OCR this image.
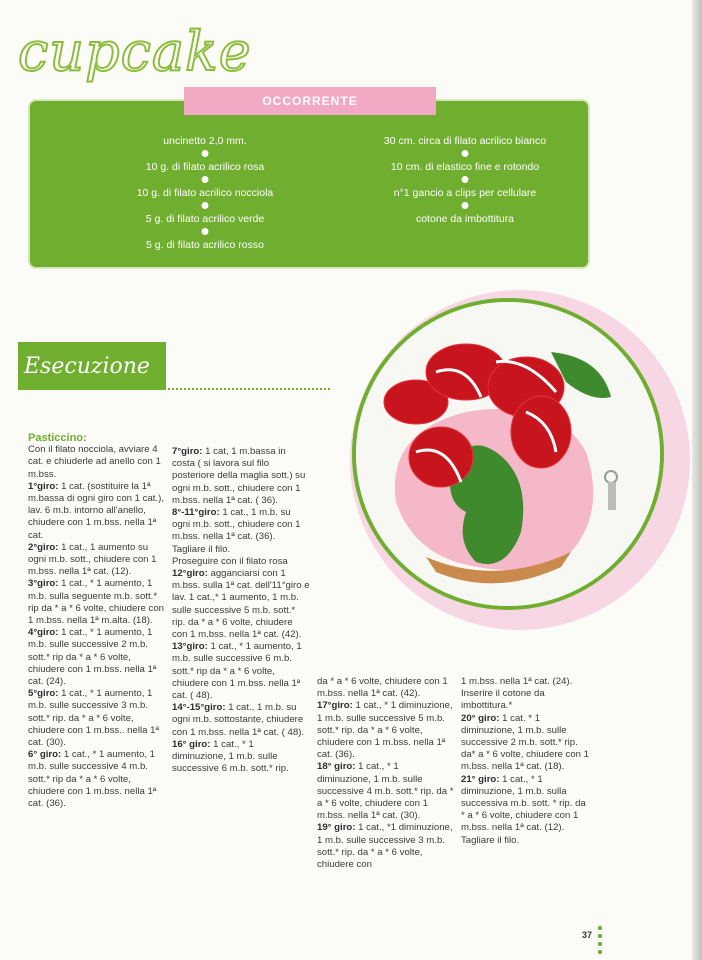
cupcake
OCCORRENTE
uncinetto 2,0 mm.
10 g. di filato acrilico rosa
10 g. di filato acrilico nocciola
5 g. di filato acrilico verde
5 g. di filato acrilico rosso
30 cm. circa di filato acrilico bianco
10 cm. di elastico fine e rotondo
n°1 gancio a clips per cellulare
cotone da imbottitura
Esecuzione
Pasticcino:
Con il filato nocciola, avviare 4 cat. e chiuderle ad anello con 1 m.bss.
1°giro: 1 cat. (sostituire la 1ª m.bassa di ogni giro con 1 cat.), lav. 6 m.b. intorno all'anello, chiudere con 1 m.bss. nella 1ª cat.
2°giro: 1 cat., 1 aumento su ogni m.b. sott., chiudere con 1 m.bss. nella 1ª cat. (12).
3°giro: 1 cat., * 1 aumento, 1 m.b. sulla seguente m.b. sott.* rip da * a * 6 volte, chiudere con 1 m.bss. nella 1ª m.alta. (18).
4°giro: 1 cat., * 1 aumento, 1 m.b. sulle successive 2 m.b. sott.* rip da * a * 6 volte, chiudere con 1 m.bss. nella 1ª cat. (24).
5°giro: 1 cat., * 1 aumento, 1 m.b. sulle successive 3 m.b. sott.* rip. da * a * 6 volte, chiudere con 1 m.bss.. nella 1ª cat. (30).
6° giro: 1 cat., * 1 aumento, 1 m.b. sulle successive 4 m.b. sott.* rip da * a * 6 volte, chiudere con 1 m.bss. nella 1ª cat. (36).
7°giro: 1 cat, 1 m.bassa in costa ( si lavora sul filo posteriore della maglia sott.) su ogni m.b. sott., chiudere con 1 m.bss. nella 1ª cat. ( 36).
8°-11°giro: 1 cat., 1 m.b. su ogni m.b. sott., chiudere con 1 m.bss. nella 1ª cat. (36). Tagliare il filo.
Proseguire con il filato rosa
12°giro: agganciarsi con 1 m.bss. sulla 1ª cat. dell'11°giro e lav. 1 cat.,* 1 aumento, 1 m.b. sulle successive 5 m.b. sott.* rip. da * a * 6 volte, chiudere con 1 m.bss. nella 1ª cat. (42).
13°giro: 1 cat., * 1 aumento, 1 m.b. sulle successive 6 m.b. sott.* rip da * a * 6 volte, chiudere con 1 m.bss. nella 1ª cat. ( 48).
14°-15°giro: 1 cat., 1 m.b. su ogni m.b. sottostante, chiudere con 1 m.bss. nella 1ª cat. ( 48).
16° giro: 1 cat., * 1 diminuzione, 1 m.b. sulle successive 6 m.b. sott.* rip.
da * a * 6 volte, chiudere con 1 m.bss. nella 1ª cat. (42).
17°giro: 1 cat., * 1 diminuzione, 1 m.b. sulle successive 5 m.b. sott.* rip. da * a * 6 volte, chiudere con 1 m.bss. nella 1ª cat. (36).
18° giro: 1 cat., * 1 diminuzione, 1 m.b. sulle successive 4 m.b. sott.* rip. da * a * 6 volte, chiudere con 1 m.bss. nella 1ª cat. (30).
19° giro: 1 cat., *1 diminuzione, 1 m.b. sulle successive 3 m.b. sott.* rip. da * a * 6 volte, chiudere con
1 m.bss. nella 1ª cat. (24). Inserire il cotone da imbottitura.*
20° giro: 1 cat. * 1 diminuzione, 1 m.b. sulle successive 2 m.b. sott.* rip. da* a * 6 volte, chiudere con 1 m.bss. nella 1ª cat. (18).
21° giro: 1 cat., * 1 diminuzione, 1 m.b. sulla successiva m.b. sott. * rip. da * a * 6 volte, chiudere con 1 m.bss. nella 1ª cat. (12). Tagliare il filo.
37
